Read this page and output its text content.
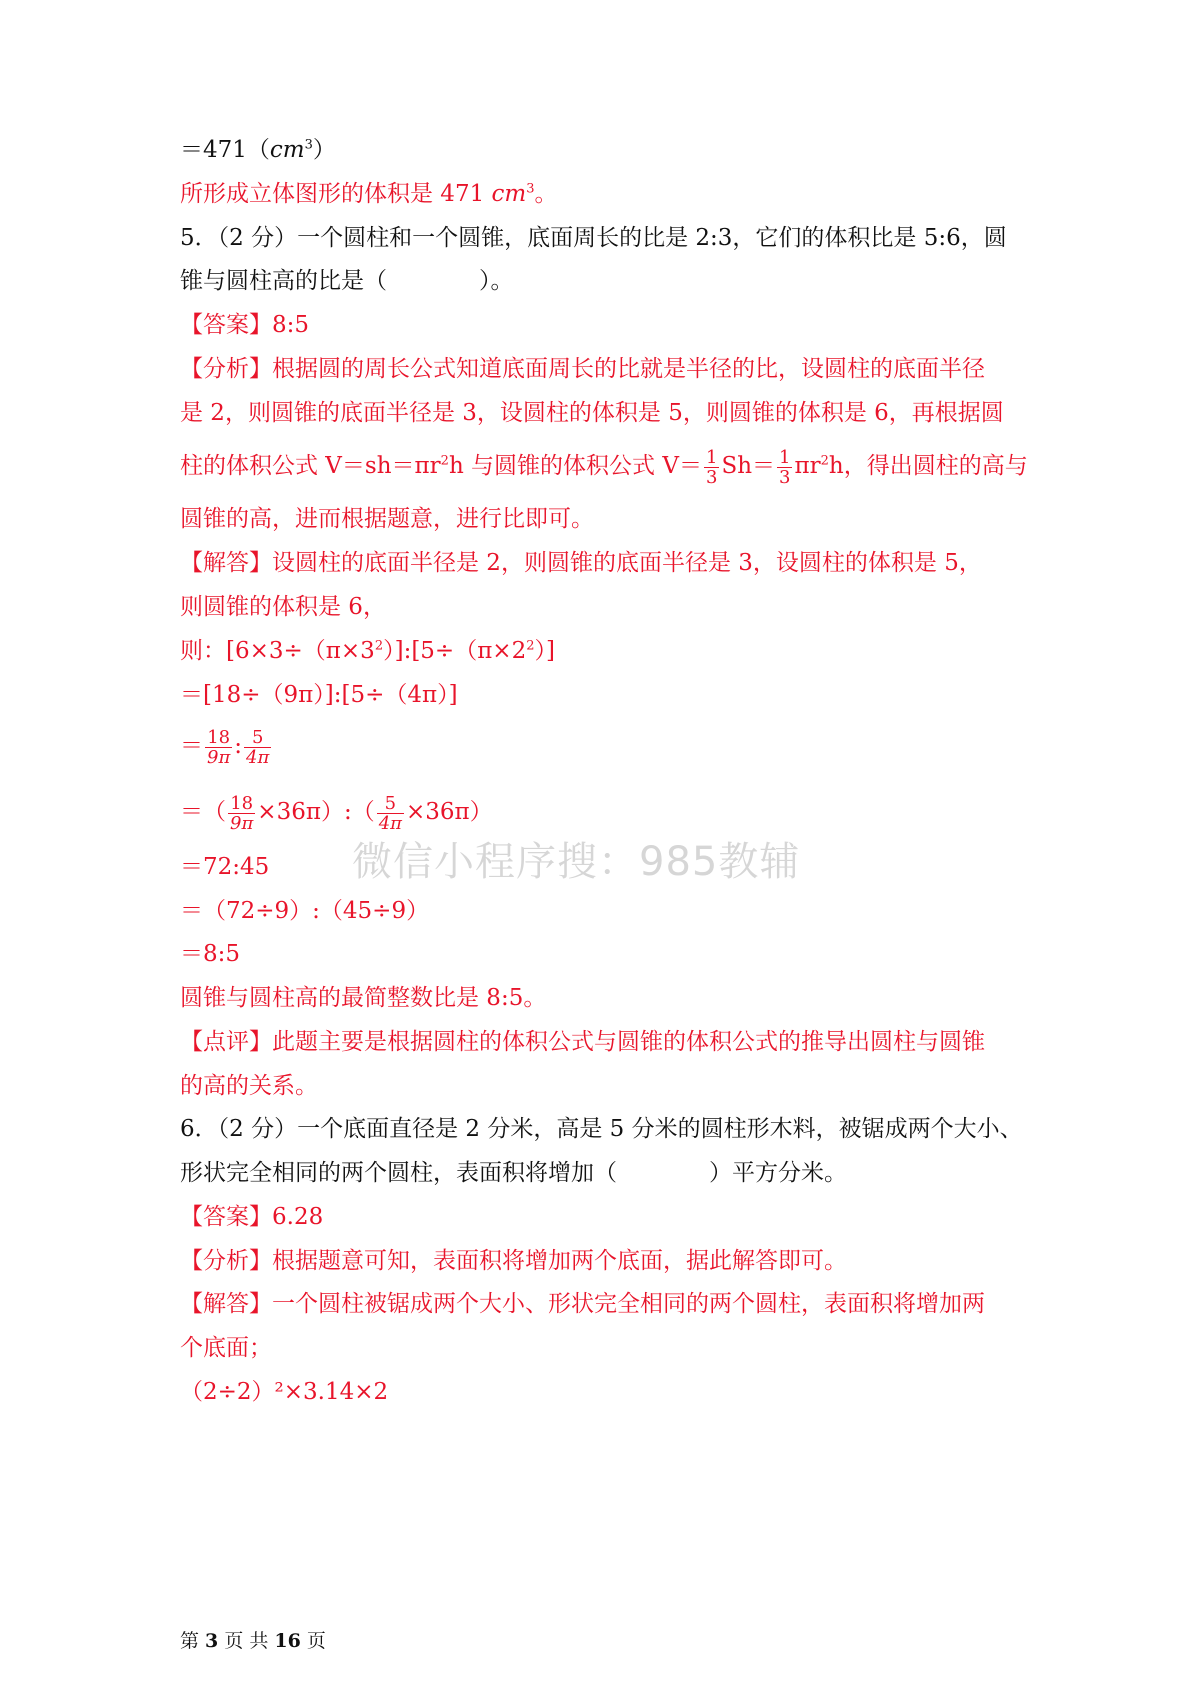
$=471(cm^3)$
所形成立体图形的体积是 471 $cm^3$。
5．（2 分）一个圆柱和一个圆锥，底面周长的比是 2:3，它们的体积比是 5:6，圆
锥与圆柱高的比是（　　　　）。
【答案】8:5
【分析】根据圆的周长公式知道底面周长的比就是半径的比，设圆柱的底面半径
是 2，则圆锥的底面半径是 3，设圆柱的体积是 5，则圆锥的体积是 6，再根据圆
柱的体积公式 $V=sh=\pi r^2h$ 与圆锥的体积公式 $V= \frac{1}{3} Sh= \frac{1}{3} \pi r^2h$，得出圆柱的高与
圆锥的高，进而根据题意，进行比即可。
【解答】设圆柱的底面半径是 2，则圆锥的底面半径是 3，设圆柱的体积是 5，
则圆锥的体积是 6，
则：$[6\times 3\div(\pi\times 3^2)]:[5\div(\pi\times 2^2)]$
＝[18÷（9π）]:[5÷（4π）]
＝ $\frac{18}{9\pi}$ : $\frac{5}{4\pi}$
＝（ $\frac{18}{9\pi}$ ×36π）:（ $\frac{5}{4\pi} \times 36\pi$）
＝72:45
＝（72÷9）:（45÷9）
＝8:5
圆锥与圆柱高的最简整数比是 8:5。
【点评】此题主要是根据圆柱的体积公式与圆锥的体积公式的推导出圆柱与圆锥
的高的关系。
6．（2 分）一个底面直径是 2 分米，高是 5 分米的圆柱形木料，被锯成两个大小、
形状完全相同的两个圆柱，表面积将增加（　　　　）平方分米。
【答案】6.28
【分析】根据题意可知，表面积将增加两个底面，据此解答即可。
【解答】一个圆柱被锯成两个大小、形状完全相同的两个圆柱，表面积将增加两
个底面；
（2÷2）²×3.14×2
微信小程序搜：985教辅
第 3 页 共 16 页
